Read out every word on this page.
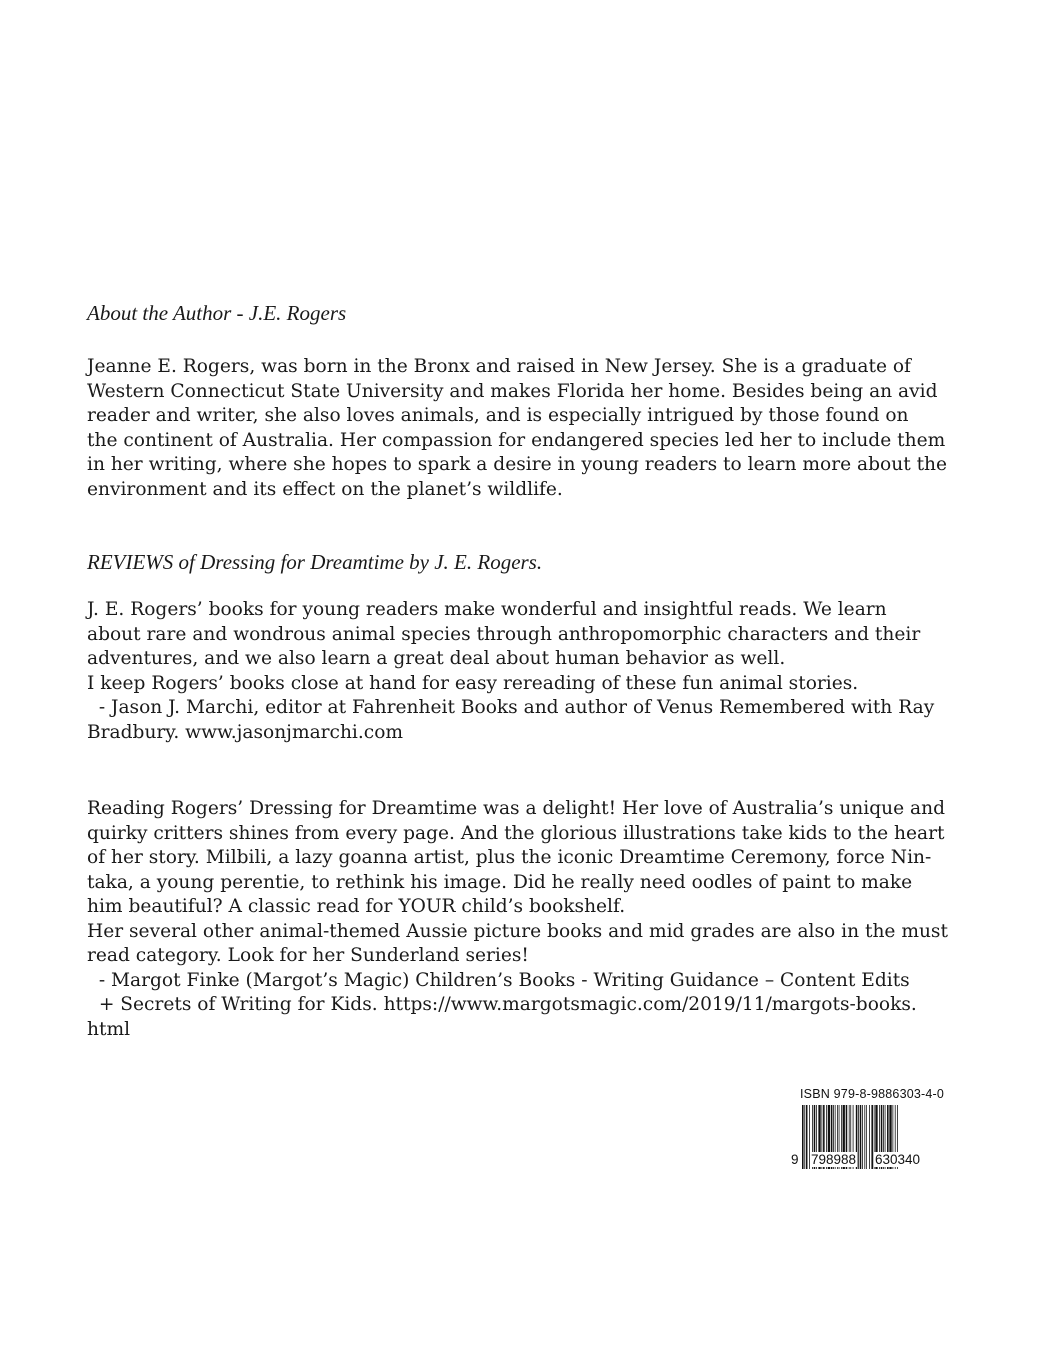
About the Author - J.E. Rogers
Jeanne E. Rogers, was born in the Bronx and raised in New Jersey. She is a graduate of
Western Connecticut State University and makes Florida her home. Besides being an avid
reader and writer, she also loves animals, and is especially intrigued by those found on
the continent of Australia. Her compassion for endangered species led her to include them
in her writing, where she hopes to spark a desire in young readers to learn more about the
environment and its effect on the planet’s wildlife.
REVIEWS of Dressing for Dreamtime by J. E. Rogers.
J. E. Rogers’ books for young readers make wonderful and insightful reads. We learn
about rare and wondrous animal species through anthropomorphic characters and their
adventures, and we also learn a great deal about human behavior as well.
I keep Rogers’ books close at hand for easy rereading of these fun animal stories.
- Jason J. Marchi, editor at Fahrenheit Books and author of Venus Remembered with Ray
Bradbury. www.jasonjmarchi.com
Reading Rogers’ Dressing for Dreamtime was a delight! Her love of Australia’s unique and
quirky critters shines from every page. And the glorious illustrations take kids to the heart
of her story. Milbili, a lazy goanna artist, plus the iconic Dreamtime Ceremony, force Nin-
taka, a young perentie, to rethink his image. Did he really need oodles of paint to make
him beautiful? A classic read for YOUR child’s bookshelf.
Her several other animal-themed Aussie picture books and mid grades are also in the must
read category. Look for her Sunderland series!
- Margot Finke (Margot’s Magic) Children’s Books - Writing Guidance – Content Edits
+ Secrets of Writing for Kids. https://www.margotsmagic.com/2019/11/margots-books.
html
ISBN 979-8-9886303-4-0
9 798988 630340
